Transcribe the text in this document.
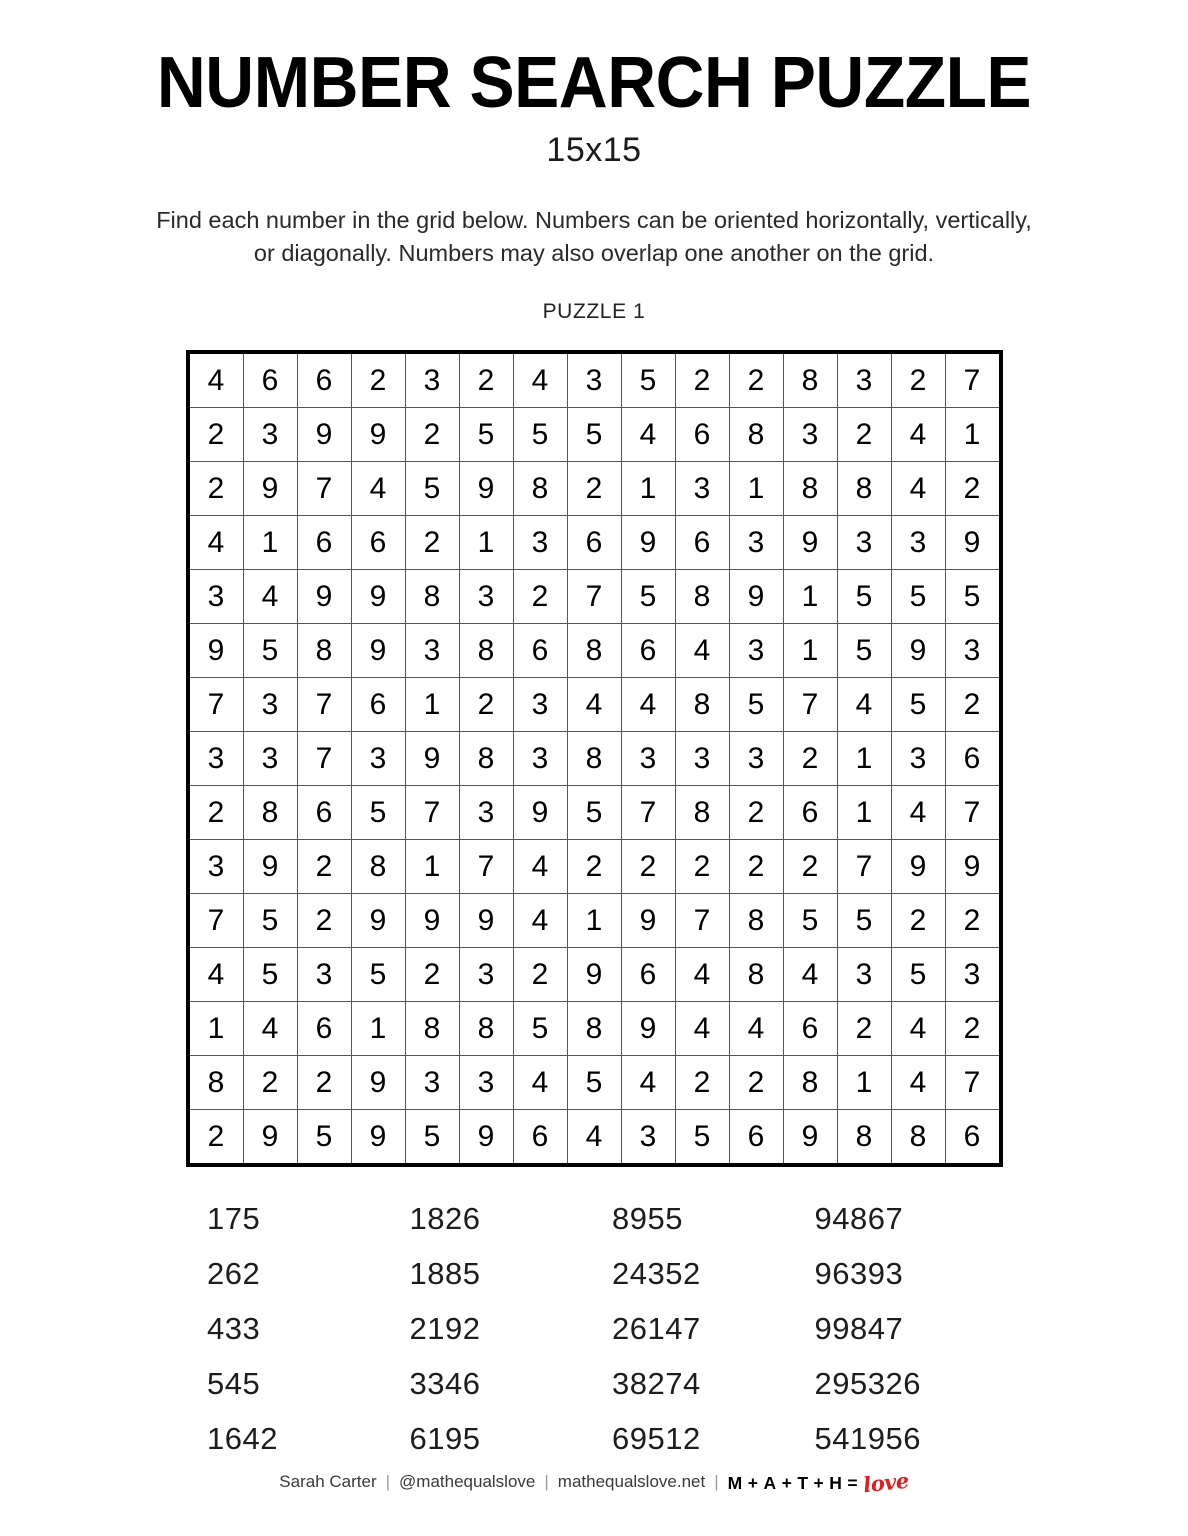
NUMBER SEARCH PUZZLE
15x15
Find each number in the grid below. Numbers can be oriented horizontally, vertically, or diagonally. Numbers may also overlap one another on the grid.
PUZZLE 1
4	6	6	2	3	2	4	3	5	2	2	8	3	2	7
2	3	9	9	2	5	5	5	4	6	8	3	2	4	1
2	9	7	4	5	9	8	2	1	3	1	8	8	4	2
4	1	6	6	2	1	3	6	9	6	3	9	3	3	9
3	4	9	9	8	3	2	7	5	8	9	1	5	5	5
9	5	8	9	3	8	6	8	6	4	3	1	5	9	3
7	3	7	6	1	2	3	4	4	8	5	7	4	5	2
3	3	7	3	9	8	3	8	3	3	3	2	1	3	6
2	8	6	5	7	3	9	5	7	8	2	6	1	4	7
3	9	2	8	1	7	4	2	2	2	2	2	7	9	9
7	5	2	9	9	9	4	1	9	7	8	5	5	2	2
4	5	3	5	2	3	2	9	6	4	8	4	3	5	3
1	4	6	1	8	8	5	8	9	4	4	6	2	4	2
8	2	2	9	3	3	4	5	4	2	2	8	1	4	7
2	9	5	9	5	9	6	4	3	5	6	9	8	8	6
175	1826	8955	94867
262	1885	24352	96393
433	2192	26147	99847
545	3346	38274	295326
1642	6195	69512	541956
Sarah Carter | @mathequalslove | mathequalslove.net | M + A + T + H = love
